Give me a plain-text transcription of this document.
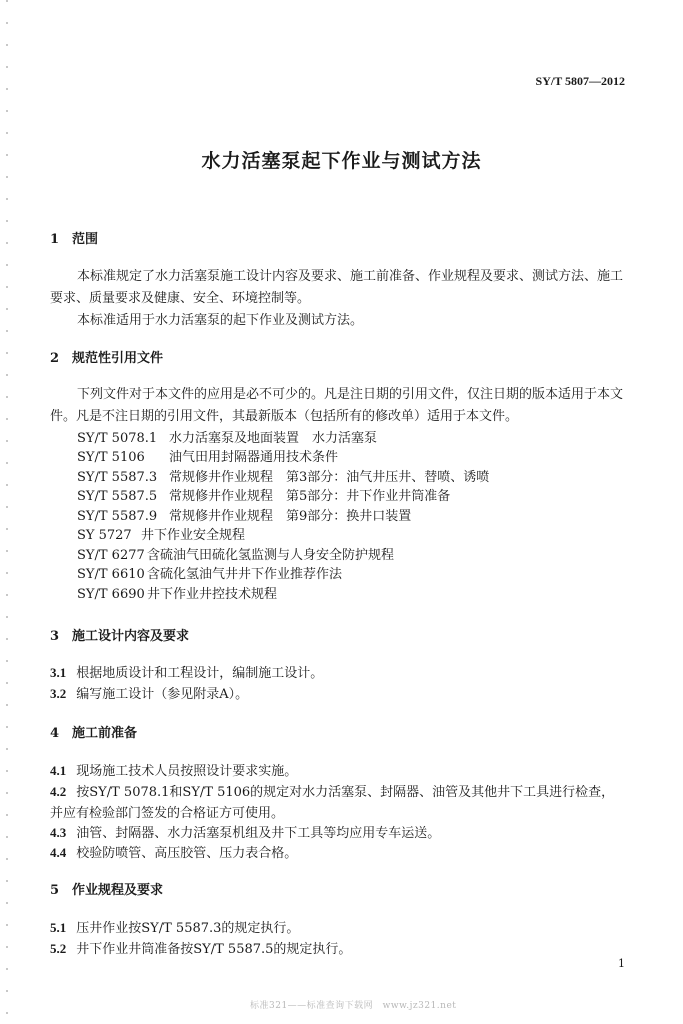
SY/T 5807—2012
水力活塞泵起下作业与测试方法
1　范围
本标准规定了水力活塞泵施工设计内容及要求、施工前准备、作业规程及要求、测试方法、施工
要求、质量要求及健康、安全、环境控制等。
本标准适用于水力活塞泵的起下作业及测试方法。
2　规范性引用文件
下列文件对于本文件的应用是必不可少的。凡是注日期的引用文件，仅注日期的版本适用于本文
件。凡是不注日期的引用文件，其最新版本（包括所有的修改单）适用于本文件。
SY/T 5078.1 水力活塞泵及地面装置　水力活塞泵
SY/T 5106 油气田用封隔器通用技术条件
SY/T 5587.3 常规修井作业规程　第3部分：油气井压井、替喷、诱喷
SY/T 5587.5 常规修井作业规程　第5部分：井下作业井筒准备
SY/T 5587.9 常规修井作业规程　第9部分：换井口装置
SY 5727 井下作业安全规程
SY/T 6277 含硫油气田硫化氢监测与人身安全防护规程
SY/T 6610 含硫化氢油气井井下作业推荐作法
SY/T 6690 井下作业井控技术规程
3　施工设计内容及要求
3.1 根据地质设计和工程设计，编制施工设计。
3.2 编写施工设计（参见附录A）。
4　施工前准备
4.1 现场施工技术人员按照设计要求实施。
4.2 按SY/T 5078.1和SY/T 5106的规定对水力活塞泵、封隔器、油管及其他井下工具进行检查，
并应有检验部门签发的合格证方可使用。
4.3 油管、封隔器、水力活塞泵机组及井下工具等均应用专车运送。
4.4 校验防喷管、高压胶管、压力表合格。
5　作业规程及要求
5.1 压井作业按SY/T 5587.3的规定执行。
5.2 井下作业井筒准备按SY/T 5587.5的规定执行。
1
标准321——标准查询下载网　www.jz321.net
